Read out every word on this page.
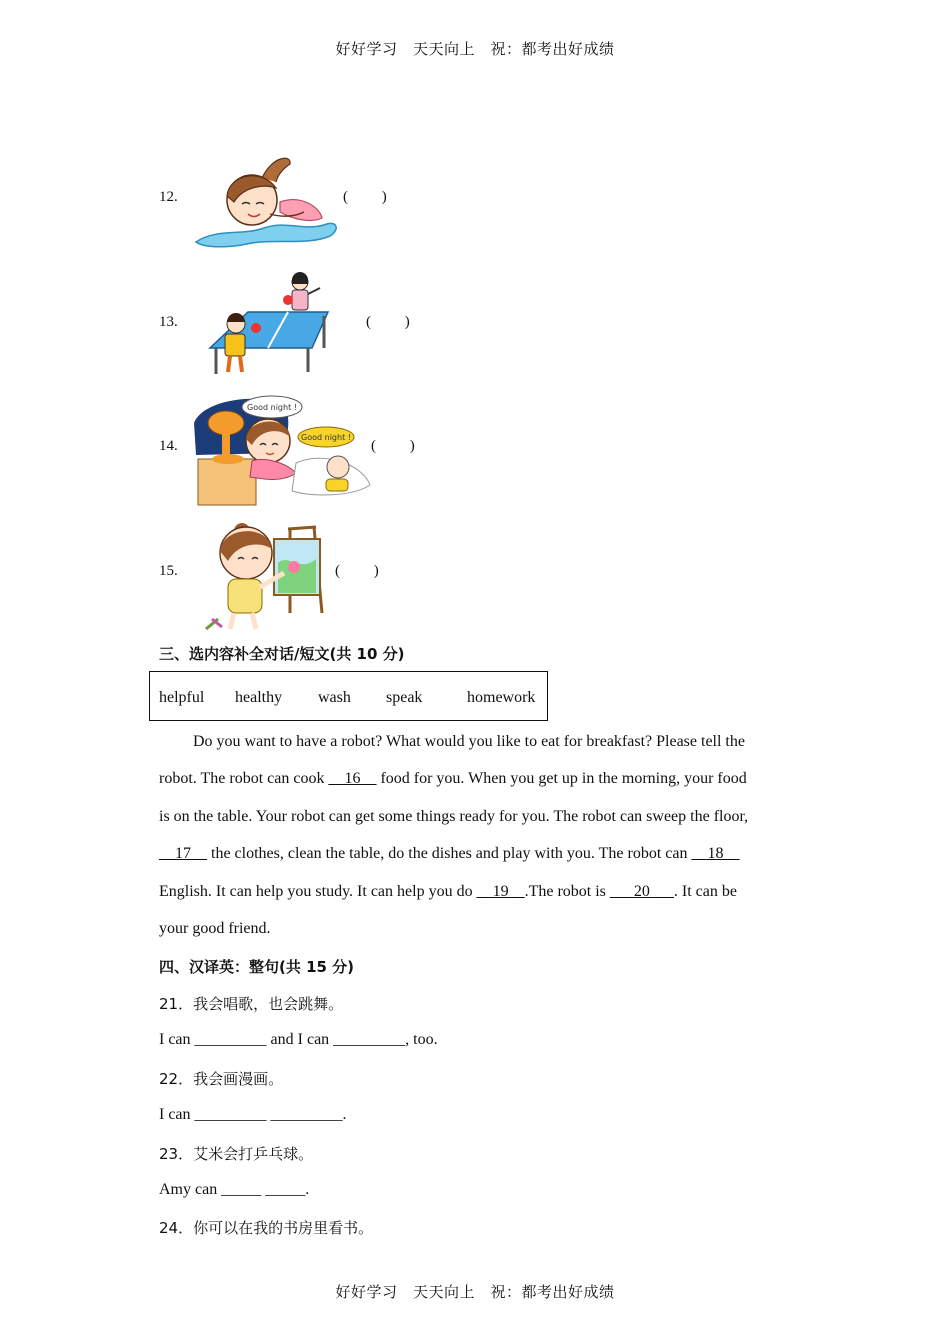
好好学习　天天向上　祝：都考出好成绩
12.	(         )
13.	(         )
14.
Good night !
Good night !
(         )
15.	(         )
三、选内容补全对话/短文(共 10 分)
helpful healthy wash speak	homework

Do you want to have a robot? What would you like to eat for breakfast? Please tell the

robot. The robot can cook __16__ food for you. When you get up in the morning, your food

is on the table. Your robot can get some things ready for you. The robot can sweep the floor,

__17__ the clothes, clean the table, do the dishes and play with you. The robot can __18__

English. It can help you study. It can help you do __19__.The robot is ___20___. It can be

your good friend.

四、汉译英：整句(共 15 分)
21．我会唱歌，也会跳舞。
I can _________ and I can _________, too.
22．我会画漫画。
I can _________ _________.
23．艾米会打乒乓球。
Amy can _____ _____.
24．你可以在我的书房里看书。
好好学习　天天向上　祝：都考出好成绩
